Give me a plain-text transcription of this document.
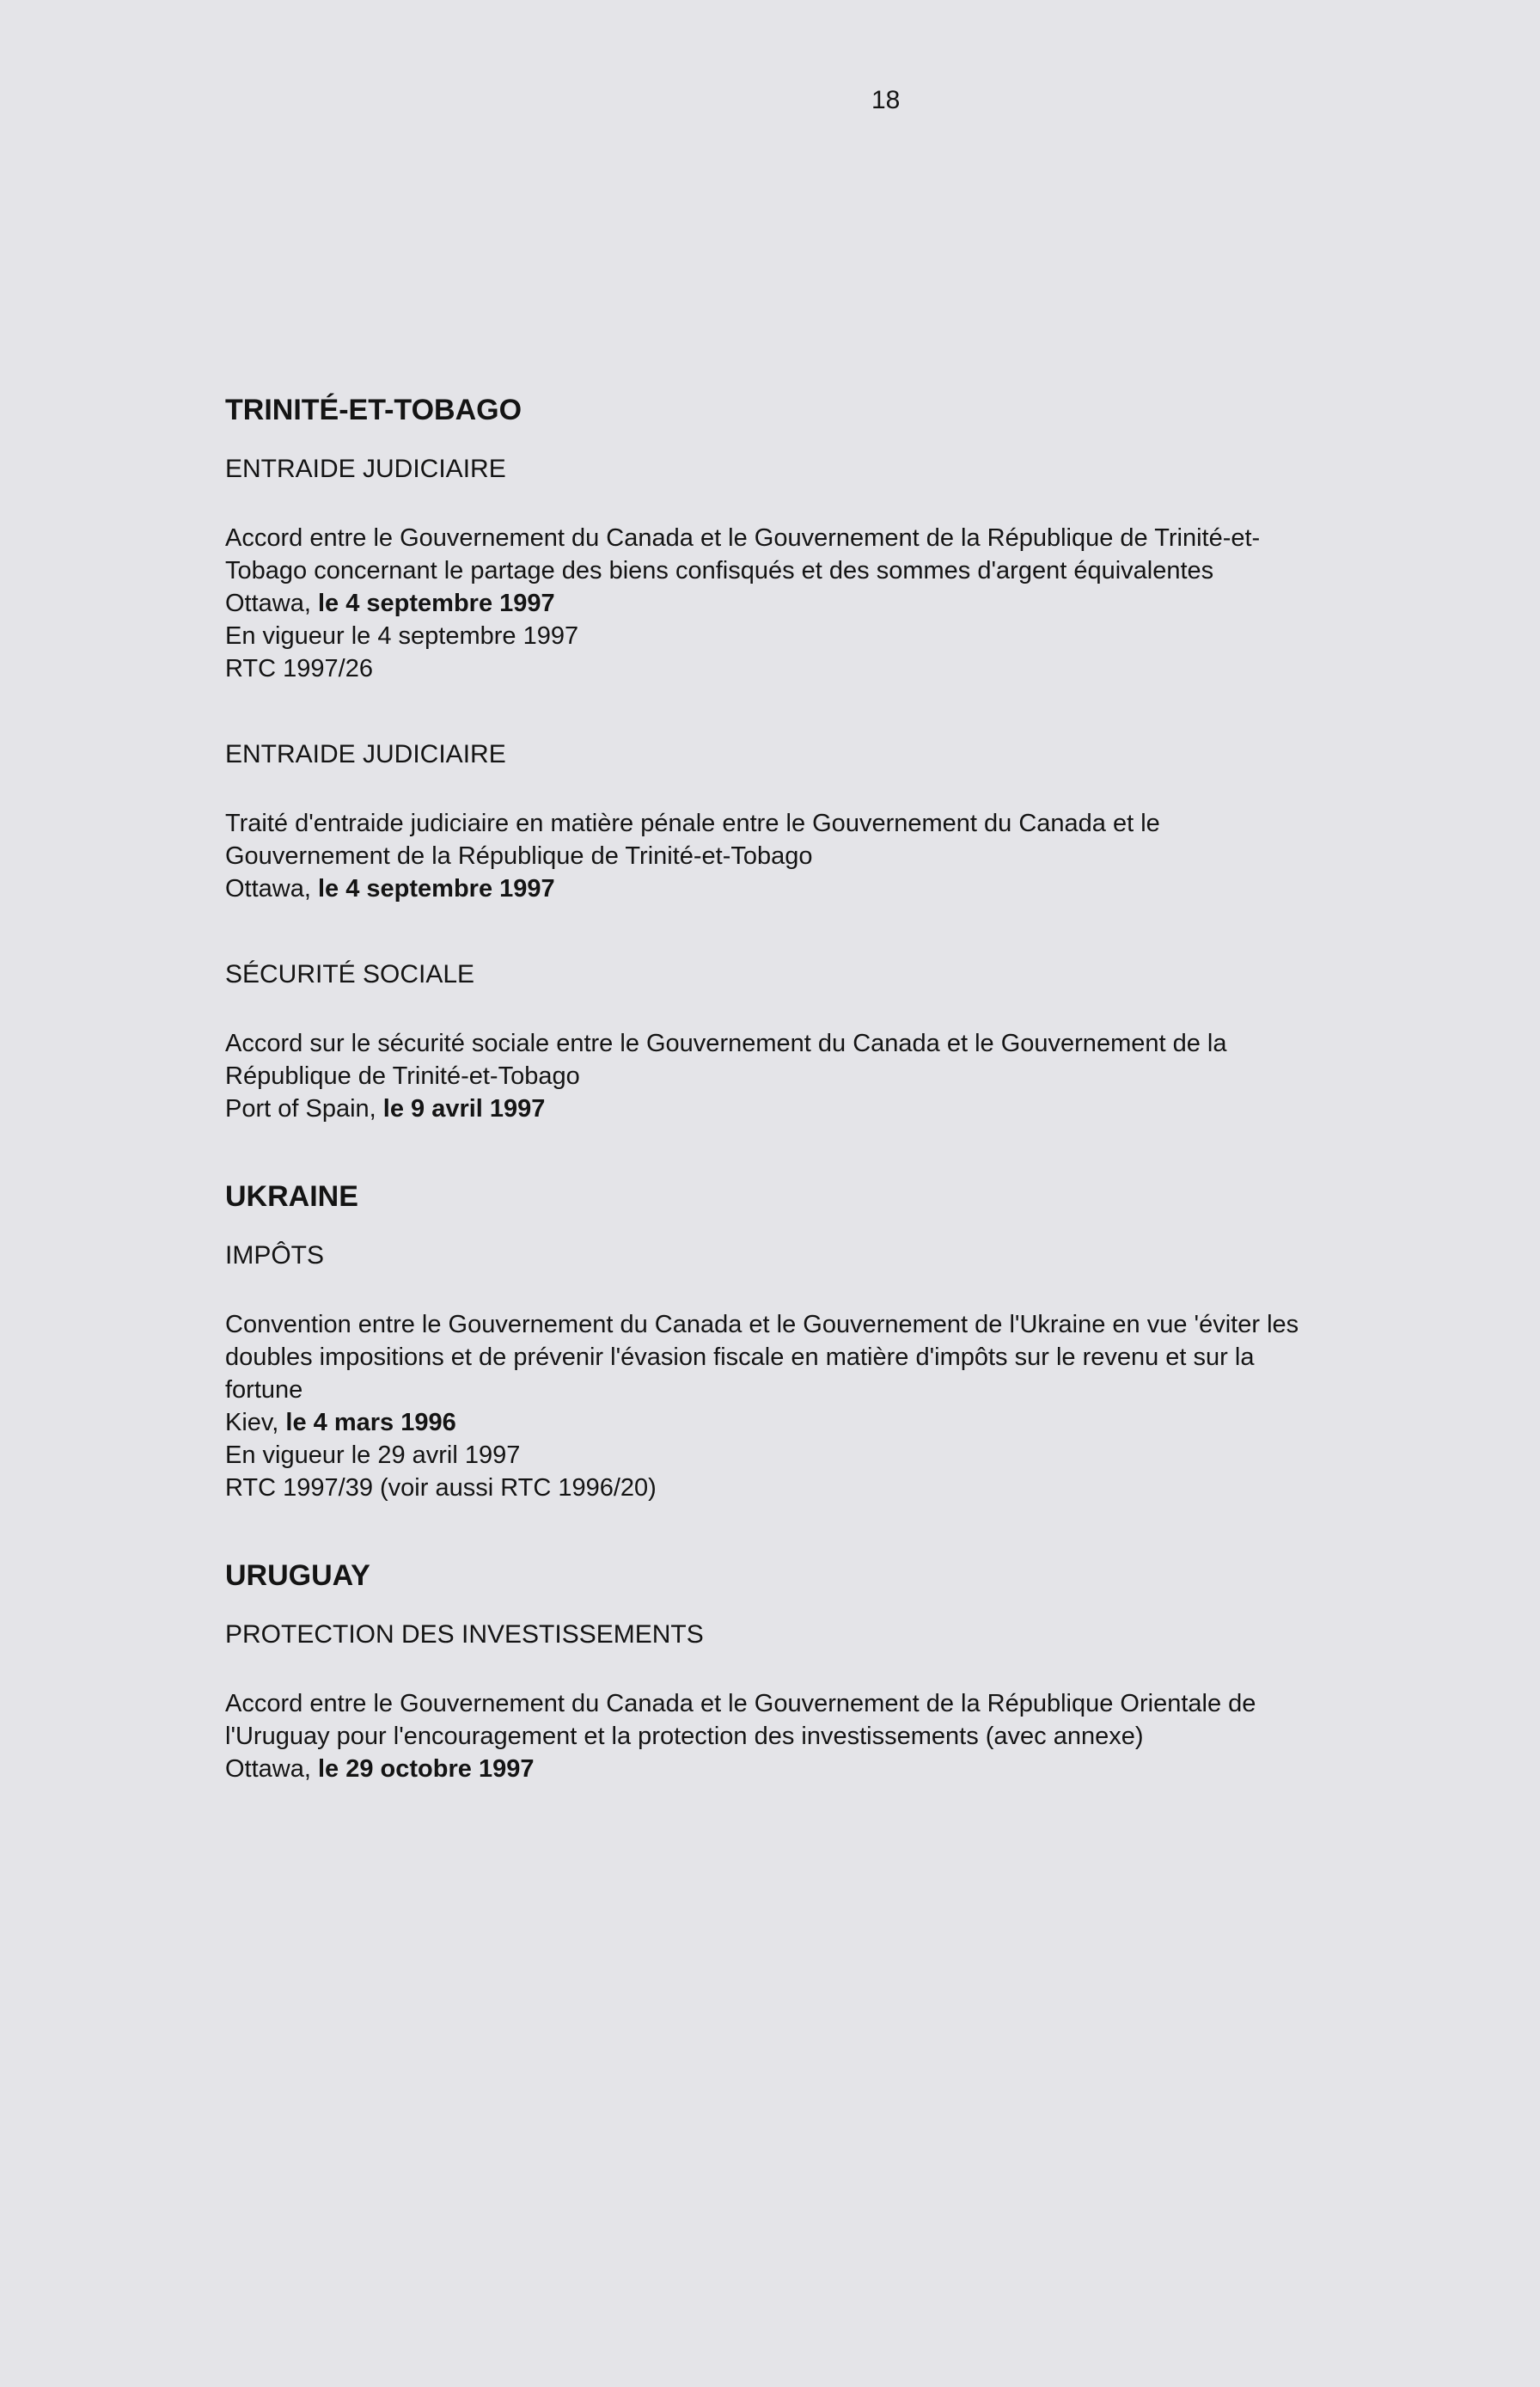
18
TRINITÉ-ET-TOBAGO
ENTRAIDE JUDICIAIRE
Accord entre le Gouvernement du Canada et le Gouvernement de la République de Trinité-et-
Tobago concernant le partage des biens confisqués et des sommes d'argent équivalentes
Ottawa, le 4 septembre 1997
En vigueur le 4 septembre 1997
RTC 1997/26
ENTRAIDE JUDICIAIRE
Traité d'entraide judiciaire en matière pénale entre le Gouvernement du Canada et le
Gouvernement de la République de Trinité-et-Tobago
Ottawa, le 4 septembre 1997
SÉCURITÉ SOCIALE
Accord sur le sécurité sociale entre le Gouvernement du Canada et le Gouvernement de la
République de Trinité-et-Tobago
Port of Spain, le 9 avril 1997
UKRAINE
IMPÔTS
Convention entre le Gouvernement du Canada et le Gouvernement de l'Ukraine en vue 'éviter les
doubles impositions et de prévenir l'évasion fiscale en matière d'impôts sur le revenu et sur la
fortune
Kiev, le 4 mars 1996
En vigueur le 29 avril 1997
RTC 1997/39 (voir aussi RTC 1996/20)
URUGUAY
PROTECTION DES INVESTISSEMENTS
Accord entre le Gouvernement du Canada et le Gouvernement de la République Orientale de
l'Uruguay pour l'encouragement et la protection des investissements (avec annexe)
Ottawa, le 29 octobre 1997
